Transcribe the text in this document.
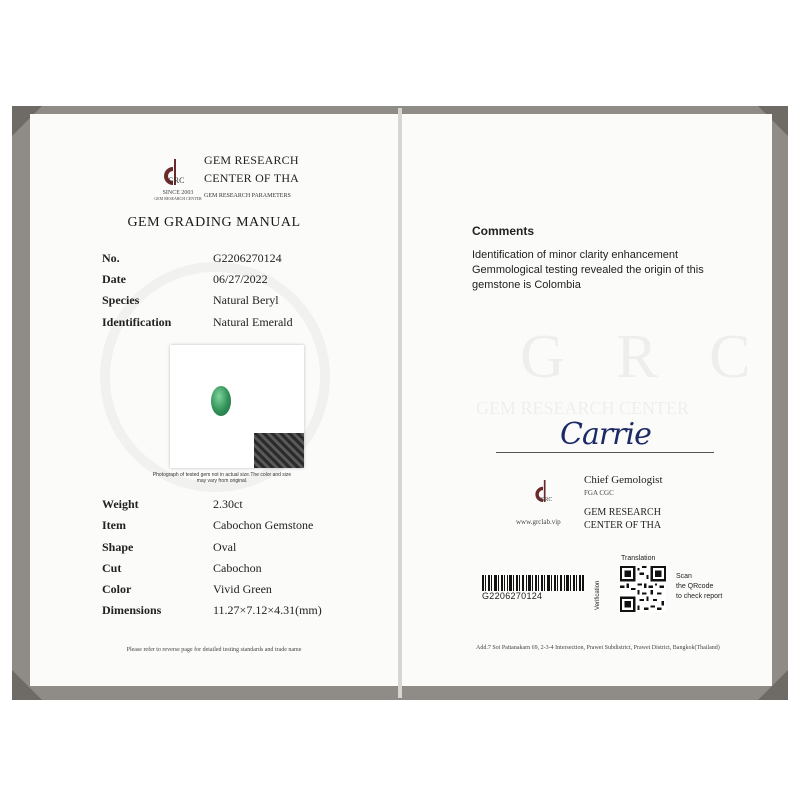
GRC
SINCE 2003
GEM RESEARCH CENTER
GEM RESEARCH
CENTER OF THA
GEM RESEARCH PARAMETERS
GEM GRADING MANUAL
No.	G2206270124
Date	06/27/2022
Species	Natural Beryl
Identification	Natural Emerald
Photograph of tested gem not in actual size.The color and size may vary from original.
Weight	2.30ct
Item	Cabochon Gemstone
Shape	Oval
Cut	Cabochon
Color	Vivid Green
Dimensions	11.27×7.12×4.31(mm)
Please refer to reverse page for detailed testing standards and trade name
G R C
GEM RESEARCH CENTER
Comments
Identification of minor clarity enhancement
Gemmological testing revealed the origin of this
gemstone is Colombia
Carrie
GRC
www.grclab.vip
Chief Gemologist
FGA CGC
GEM RESEARCH
CENTER OF THA
G2206270124
Translation
Verification
Scan
the QRcode
to check report
Add.7 Soi Pattanakarn 69, 2-3-4 Intersection, Prawet Subdistrict, Prawet District, Bangkok(Thailand)
